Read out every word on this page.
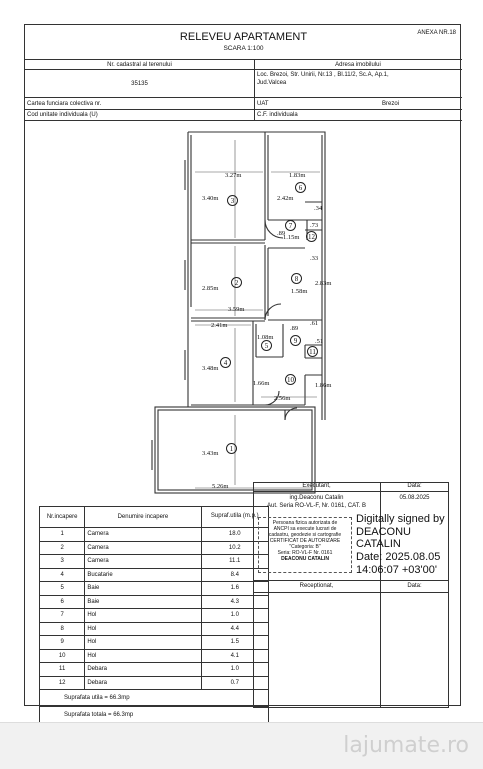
ANEXA NR.18
RELEVEU APARTAMENT
SCARA 1:100
Nr. cadastral al terenului
35135
Adresa imobilului
Loc. Brezoi, Str. Unirii, Nr.13 , Bl.11/2, Sc.A, Ap.1,
Jud.Valcea
Cartea funciara colectiva nr.	UAT	Brezoi
Cod unitate individuala (U)	C.F. individuala
3.27m	1.83m
3.40m	2.42m
1.15m
2.85m
3.59m
1.58m
2.83m
2.41m
1.08m
3.48m
2.56m
1.66m
3.43m
5.26m
.34
.73
.89
.61
.89
.51
1.86m
.33
1
2
3
4
5
6
7
8
9
10
11
12
Nr.incapere	Denumire incapere	Supraf.utila (m.p.)
1	Camera	18.0
2	Camera	10.2
3	Camera	11.1
4	Bucatarie	8.4
5	Baie	1.6
6	Baie	4.3
7	Hol	1.0
8	Hol	4.4
9	Hol	1.5
10	Hol	4.1
11	Debara	1.0
12	Debara	0.7
Suprafata utila = 66.3mp		
Suprafata totala = 66.3mp		
Executant,	Data:
ing.Deaconu Catalin
Aut. Seria RO-VL-F, Nr. 0161, CAT. B
05.08.2025
Persoana fizica autorizata de
ANCPI sa execute lucrari de
cadastru, geodezie si cartografie
CERTIFICAT DE AUTORIZARE
"Categoria: B"
Seria: RO-VL-F Nr. 0161
DEACONU CATALIN
Digitally signed by
DEACONU
CATALIN
Date: 2025.08.05
14:06:07 +03'00'
Receptionat,	Data:
lajumate.ro
